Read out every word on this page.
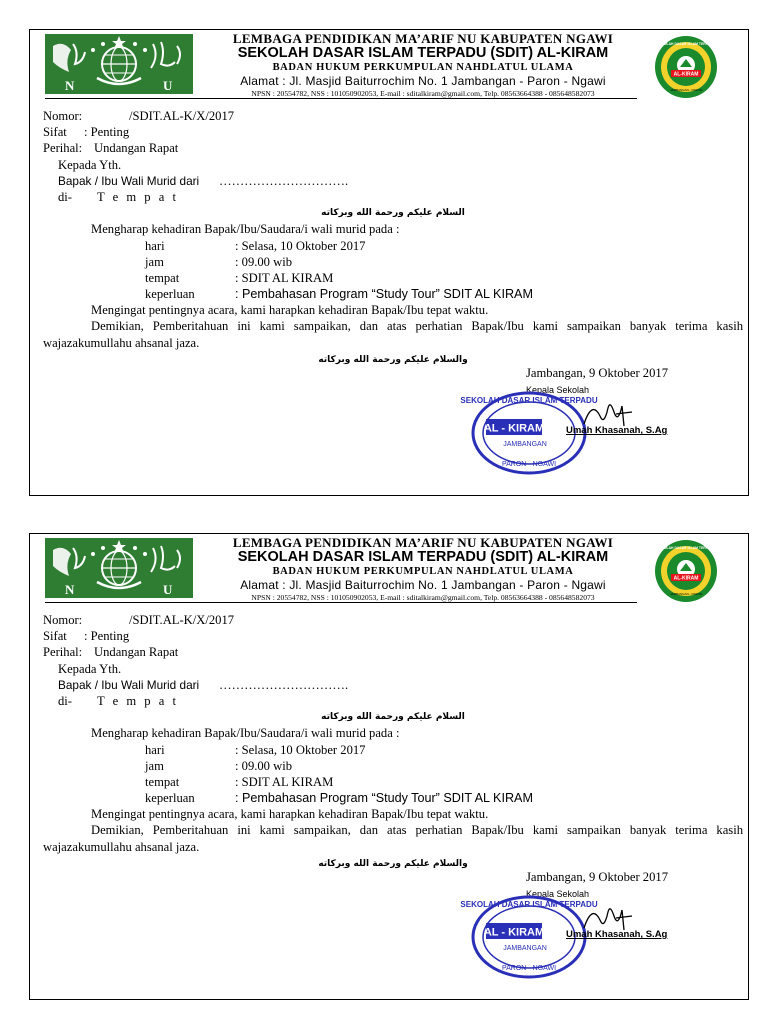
N	U
LEMBAGA PENDIDIKAN MA’ARIF NU KABUPATEN NGAWI
SEKOLAH DASAR ISLAM TERPADU (SDIT) AL-KIRAM
BADAN HUKUM PERKUMPULAN NAHDLATUL ULAMA
Alamat : Jl. Masjid Baiturrochim No. 1 Jambangan - Paron - Ngawi
NPSN : 20554782, NSS : 101050902053, E-mail : sditalkiram@gmail.com, Telp. 08563664388 - 085648582073
AL-KIRAM
SEKOLAH DASAR ISLAM TERPADU
JAMBANGAN - PARON
Nomor:	/SDIT.AL-K/X/2017
Sifat : Penting
Perihal: Undangan Rapat
Kepada Yth.
Bapak / Ibu Wali Murid dari ………………………….
di- T e m p a t
السلام عليكم ورحمة الله وبركاته
Mengharap kehadiran Bapak/Ibu/Saudara/i wali murid pada :
hari	: Selasa, 10 Oktober 2017
jam	: 09.00 wib
tempat	: SDIT AL KIRAM
keperluan	: Pembahasan Program “Study Tour” SDIT AL KIRAM
Mengingat pentingnya acara, kami harapkan kehadiran Bapak/Ibu tepat waktu.
Demikian, Pemberitahuan ini kami sampaikan, dan atas perhatian Bapak/Ibu kami sampaikan banyak terima kasih wajazakumullahu ahsanal jaza.
والسلام عليكم ورحمة الله وبركاته
Jambangan, 9 Oktober 2017
Kepala Sekolah
AL - KIRAM
SEKOLAH DASAR ISLAM TERPADU
JAMBANGAN
PARON - NGAWI
Umah Khasanah, S.Ag
N	U
LEMBAGA PENDIDIKAN MA’ARIF NU KABUPATEN NGAWI
SEKOLAH DASAR ISLAM TERPADU (SDIT) AL-KIRAM
BADAN HUKUM PERKUMPULAN NAHDLATUL ULAMA
Alamat : Jl. Masjid Baiturrochim No. 1 Jambangan - Paron - Ngawi
NPSN : 20554782, NSS : 101050902053, E-mail : sditalkiram@gmail.com, Telp. 08563664388 - 085648582073
AL-KIRAM
SEKOLAH DASAR ISLAM TERPADU
JAMBANGAN - PARON
Nomor:	/SDIT.AL-K/X/2017
Sifat : Penting
Perihal: Undangan Rapat
Kepada Yth.
Bapak / Ibu Wali Murid dari ………………………….
di- T e m p a t
السلام عليكم ورحمة الله وبركاته
Mengharap kehadiran Bapak/Ibu/Saudara/i wali murid pada :
hari	: Selasa, 10 Oktober 2017
jam	: 09.00 wib
tempat	: SDIT AL KIRAM
keperluan	: Pembahasan Program “Study Tour” SDIT AL KIRAM
Mengingat pentingnya acara, kami harapkan kehadiran Bapak/Ibu tepat waktu.
Demikian, Pemberitahuan ini kami sampaikan, dan atas perhatian Bapak/Ibu kami sampaikan banyak terima kasih wajazakumullahu ahsanal jaza.
والسلام عليكم ورحمة الله وبركاته
Jambangan, 9 Oktober 2017
Kepala Sekolah
AL - KIRAM
SEKOLAH DASAR ISLAM TERPADU
JAMBANGAN
PARON - NGAWI
Umah Khasanah, S.Ag
